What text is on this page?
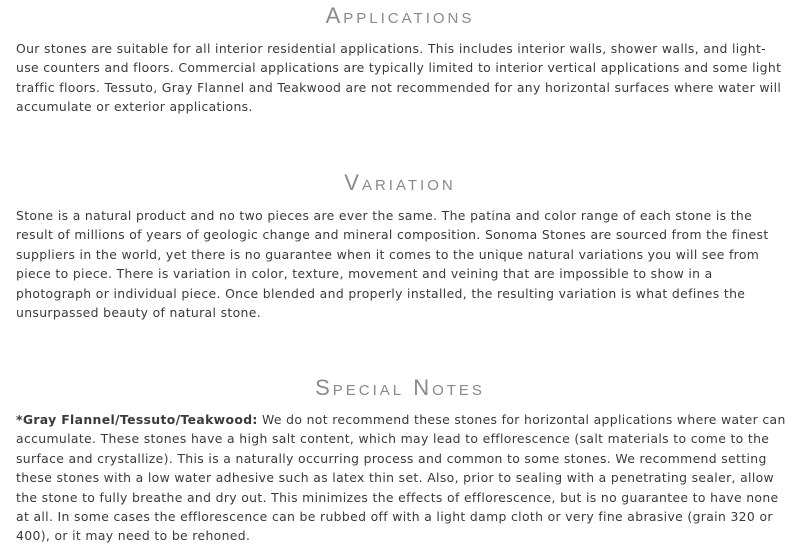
Applications

Our stones are suitable for all interior residential applications. This includes interior walls, shower walls, and light-use counters and floors. Commercial applications are typically limited to interior vertical applications and some light traffic floors. Tessuto, Gray Flannel and Teakwood are not recommended for any horizontal surfaces where water will accumulate or exterior applications.

Variation

Stone is a natural product and no two pieces are ever the same. The patina and color range of each stone is the result of millions of years of geologic change and mineral composition. Sonoma Stones are sourced from the finest suppliers in the world, yet there is no guarantee when it comes to the unique natural variations you will see from piece to piece. There is variation in color, texture, movement and veining that are impossible to show in a photograph or individual piece. Once blended and properly installed, the resulting variation is what defines the unsurpassed beauty of natural stone.

Special Notes

*Gray Flannel/Tessuto/Teakwood: We do not recommend these stones for horizontal applications where water can accumulate. These stones have a high salt content, which may lead to efflorescence (salt materials to come to the surface and crystallize). This is a naturally occurring process and common to some stones. We recommend setting these stones with a low water adhesive such as latex thin set. Also, prior to sealing with a penetrating sealer, allow the stone to fully breathe and dry out. This minimizes the effects of efflorescence, but is no guarantee to have none at all. In some cases the efflorescence can be rubbed off with a light damp cloth or very fine abrasive (grain 320 or 400), or it may need to be rehoned.
